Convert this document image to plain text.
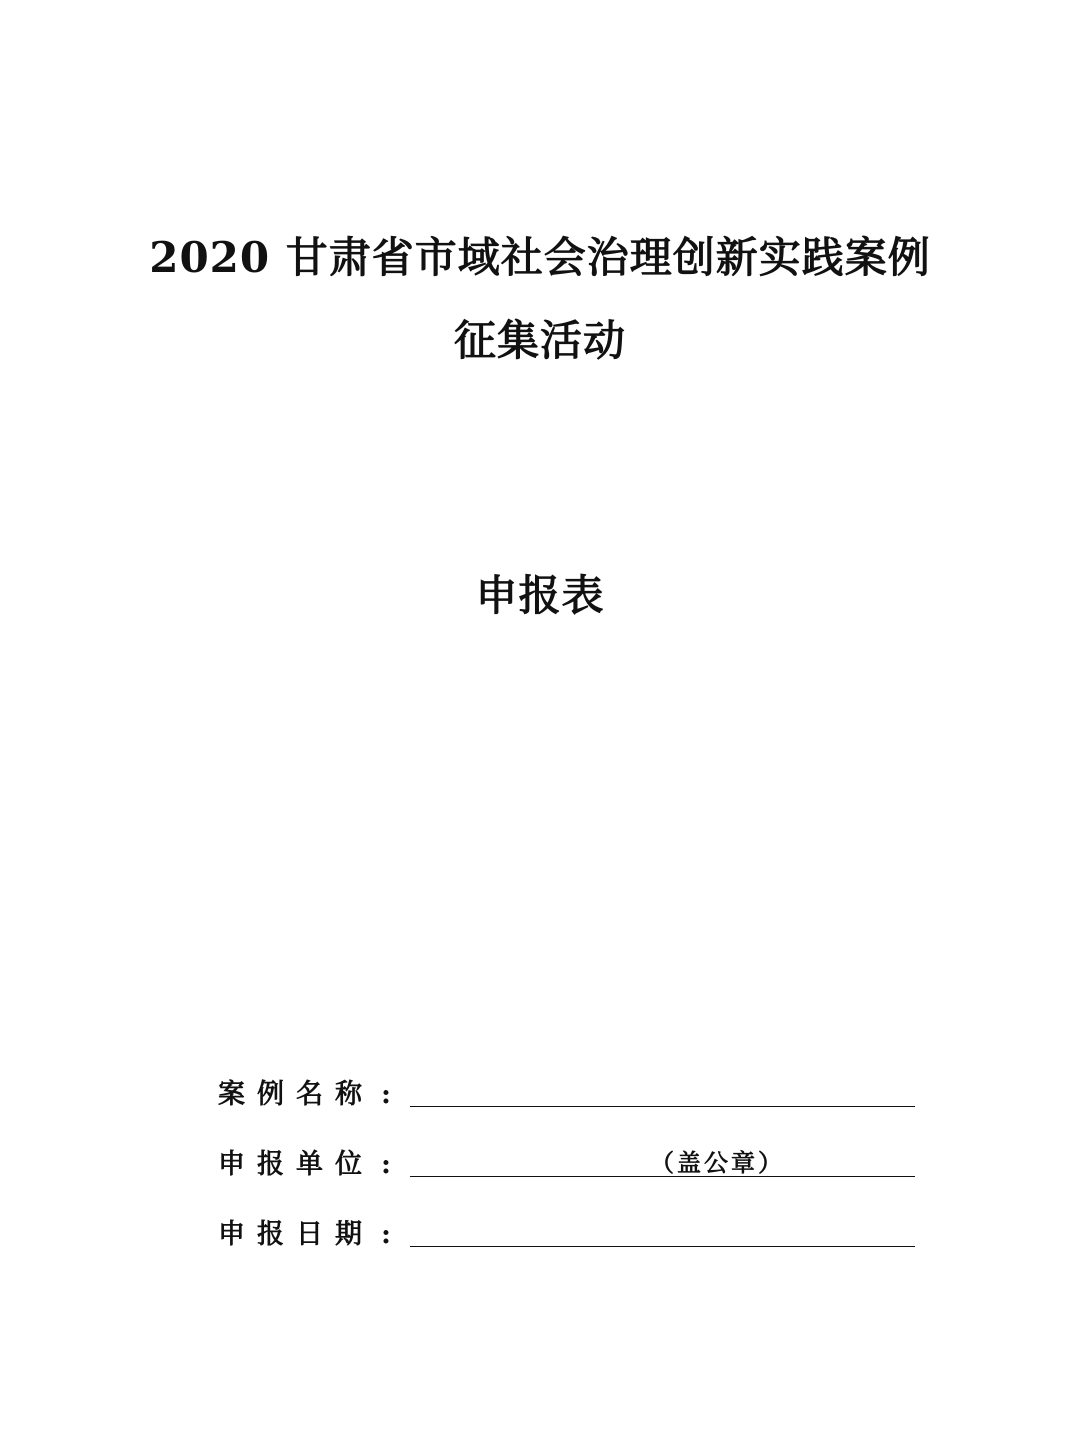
2020 甘肃省市域社会治理创新实践案例
征集活动
申报表
案例名称 :
申报单位 :	（盖公章）
申报日期 :
